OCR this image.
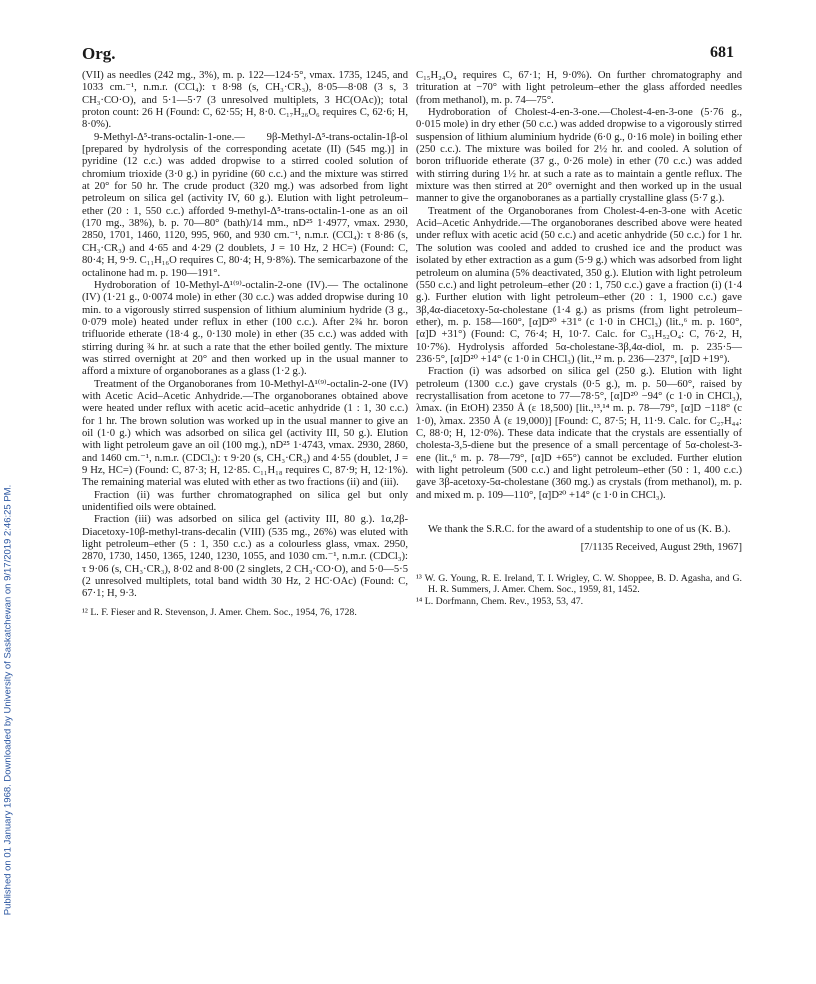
Published on 01 January 1968. Downloaded by University of Saskatchewan on 9/17/2019 2:46:25 PM.
Org.	681

(VII) as needles (242 mg., 3%), m. p. 122—124·5°, νmax. 1735, 1245, and 1033 cm.⁻¹, n.m.r. (CCl₄): τ 8·98 (s, CH₃·CR₃), 8·05—8·08 (3 s, 3 CH₃·CO·O), and 5·1—5·7 (3 unresolved multiplets, 3 HC(OAc)); total proton count: 26 H (Found: C, 62·55; H, 8·0. C₁₇H₂₆O₆ requires C, 62·6; H, 8·0%).

9-Methyl-Δ⁵-trans-octalin-1-one.— 9β-Methyl-Δ⁵-trans-octalin-1β-ol [prepared by hydrolysis of the corresponding acetate (II) (545 mg.)] in pyridine (12 c.c.) was added dropwise to a stirred cooled solution of chromium trioxide (3·0 g.) in pyridine (60 c.c.) and the mixture was stirred at 20° for 50 hr. The crude product (320 mg.) was adsorbed from light petroleum on silica gel (activity IV, 60 g.). Elution with light petroleum–ether (20 : 1, 550 c.c.) afforded 9-methyl-Δ⁵-trans-octalin-1-one as an oil (170 mg., 38%), b. p. 70—80° (bath)/14 mm., nD²⁵ 1·4977, νmax. 2930, 2850, 1701, 1460, 1120, 995, 960, and 930 cm.⁻¹, n.m.r. (CCl₄): τ 8·86 (s, CH₃·CR₃) and 4·65 and 4·29 (2 doublets, J = 10 Hz, 2 HC=) (Found: C, 80·4; H, 9·9. C₁₁H₁₆O requires C, 80·4; H, 9·8%). The semicarbazone of the octalinone had m. p. 190—191°.

Hydroboration of 10-Methyl-Δ¹⁽⁹⁾-octalin-2-one (IV).— The octalinone (IV) (1·21 g., 0·0074 mole) in ether (30 c.c.) was added dropwise during 10 min. to a vigorously stirred suspension of lithium aluminium hydride (3 g., 0·079 mole) heated under reflux in ether (100 c.c.). After 2¾ hr. boron trifluoride etherate (18·4 g., 0·130 mole) in ether (35 c.c.) was added with stirring during ¾ hr. at such a rate that the ether boiled gently. The mixture was stirred overnight at 20° and then worked up in the usual manner to afford a mixture of organoboranes as a glass (1·2 g.).

Treatment of the Organoboranes from 10-Methyl-Δ¹⁽⁹⁾-octalin-2-one (IV) with Acetic Acid–Acetic Anhydride.—The organoboranes obtained above were heated under reflux with acetic acid–acetic anhydride (1 : 1, 30 c.c.) for 1 hr. The brown solution was worked up in the usual manner to give an oil (1·0 g.) which was adsorbed on silica gel (activity III, 50 g.). Elution with light petroleum gave an oil (100 mg.), nD²⁵ 1·4743, νmax. 2930, 2860, and 1460 cm.⁻¹, n.m.r. (CDCl₃): τ 9·20 (s, CH₃·CR₃) and 4·55 (doublet, J = 9 Hz, HC=) (Found: C, 87·3; H, 12·85. C₁₁H₁₈ requires C, 87·9; H, 12·1%). The remaining material was eluted with ether as two fractions (ii) and (iii).

Fraction (ii) was further chromatographed on silica gel but only unidentified oils were obtained.

Fraction (iii) was adsorbed on silica gel (activity III, 80 g.). 1α,2β-Diacetoxy-10β-methyl-trans-decalin (VIII) (535 mg., 26%) was eluted with light petroleum–ether (5 : 1, 350 c.c.) as a colourless glass, νmax. 2950, 2870, 1730, 1450, 1365, 1240, 1230, 1055, and 1030 cm.⁻¹, n.m.r. (CDCl₃): τ 9·06 (s, CH₃·CR₃), 8·02 and 8·00 (2 singlets, 2 CH₃·CO·O), and 5·0—5·5 (2 unresolved multiplets, total band width 30 Hz, 2 HC·OAc) (Found: C, 67·1; H, 9·3.

¹² L. F. Fieser and R. Stevenson, J. Amer. Chem. Soc., 1954, 76, 1728.

C₁₅H₂₄O₄ requires C, 67·1; H, 9·0%). On further chromatography and trituration at −70° with light petroleum–ether the glass afforded needles (from methanol), m. p. 74—75°.

Hydroboration of Cholest-4-en-3-one.—Cholest-4-en-3-one (5·76 g., 0·015 mole) in dry ether (50 c.c.) was added dropwise to a vigorously stirred suspension of lithium aluminium hydride (6·0 g., 0·16 mole) in boiling ether (250 c.c.). The mixture was boiled for 2½ hr. and cooled. A solution of boron trifluoride etherate (37 g., 0·26 mole) in ether (70 c.c.) was added with stirring during 1½ hr. at such a rate as to maintain a gentle reflux. The mixture was then stirred at 20° overnight and then worked up in the usual manner to give the organoboranes as a partially crystalline glass (5·7 g.).

Treatment of the Organoboranes from Cholest-4-en-3-one with Acetic Acid–Acetic Anhydride.—The organoboranes described above were heated under reflux with acetic acid (50 c.c.) and acetic anhydride (50 c.c.) for 1 hr. The solution was cooled and added to crushed ice and the product was isolated by ether extraction as a gum (5·9 g.) which was adsorbed from light petroleum on alumina (5% deactivated, 350 g.). Elution with light petroleum (550 c.c.) and light petroleum–ether (20 : 1, 750 c.c.) gave a fraction (i) (1·4 g.). Further elution with light petroleum–ether (20 : 1, 1900 c.c.) gave 3β,4α-diacetoxy-5α-cholestane (1·4 g.) as prisms (from light petroleum–ether), m. p. 158—160°, [α]D²⁰ +31° (c 1·0 in CHCl₃) (lit.,⁶ m. p. 160°, [α]D +31°) (Found: C, 76·4; H, 10·7. Calc. for C₃₁H₅₂O₄: C, 76·2, H, 10·7%). Hydrolysis afforded 5α-cholestane-3β,4α-diol, m. p. 235·5—236·5°, [α]D²⁰ +14° (c 1·0 in CHCl₃) (lit.,¹² m. p. 236—237°, [α]D +19°).

Fraction (i) was adsorbed on silica gel (250 g.). Elution with light petroleum (1300 c.c.) gave crystals (0·5 g.), m. p. 50—60°, raised by recrystallisation from acetone to 77—78·5°, [α]D²⁰ −94° (c 1·0 in CHCl₃), λmax. (in EtOH) 2350 Å (ε 18,500) [lit.,¹³,¹⁴ m. p. 78—79°, [α]D −118° (c 1·0), λmax. 2350 Å (ε 19,000)] [Found: C, 87·5; H, 11·9. Calc. for C₂₇H₄₄: C, 88·0; H, 12·0%). These data indicate that the crystals are essentially of cholesta-3,5-diene but the presence of a small percentage of 5α-cholest-3-ene (lit.,⁶ m. p. 78—79°, [α]D +65°) cannot be excluded. Further elution with light petroleum (500 c.c.) and light petroleum–ether (50 : 1, 400 c.c.) gave 3β-acetoxy-5α-cholestane (360 mg.) as crystals (from methanol), m. p. and mixed m. p. 109—110°, [α]D²⁰ +14° (c 1·0 in CHCl₃).

We thank the S.R.C. for the award of a studentship to one of us (K. B.).

[7/1135 Received, August 29th, 1967]

¹³ W. G. Young, R. E. Ireland, T. I. Wrigley, C. W. Shoppee, B. D. Agasha, and G. H. R. Summers, J. Amer. Chem. Soc., 1959, 81, 1452.

¹⁴ L. Dorfmann, Chem. Rev., 1953, 53, 47.
